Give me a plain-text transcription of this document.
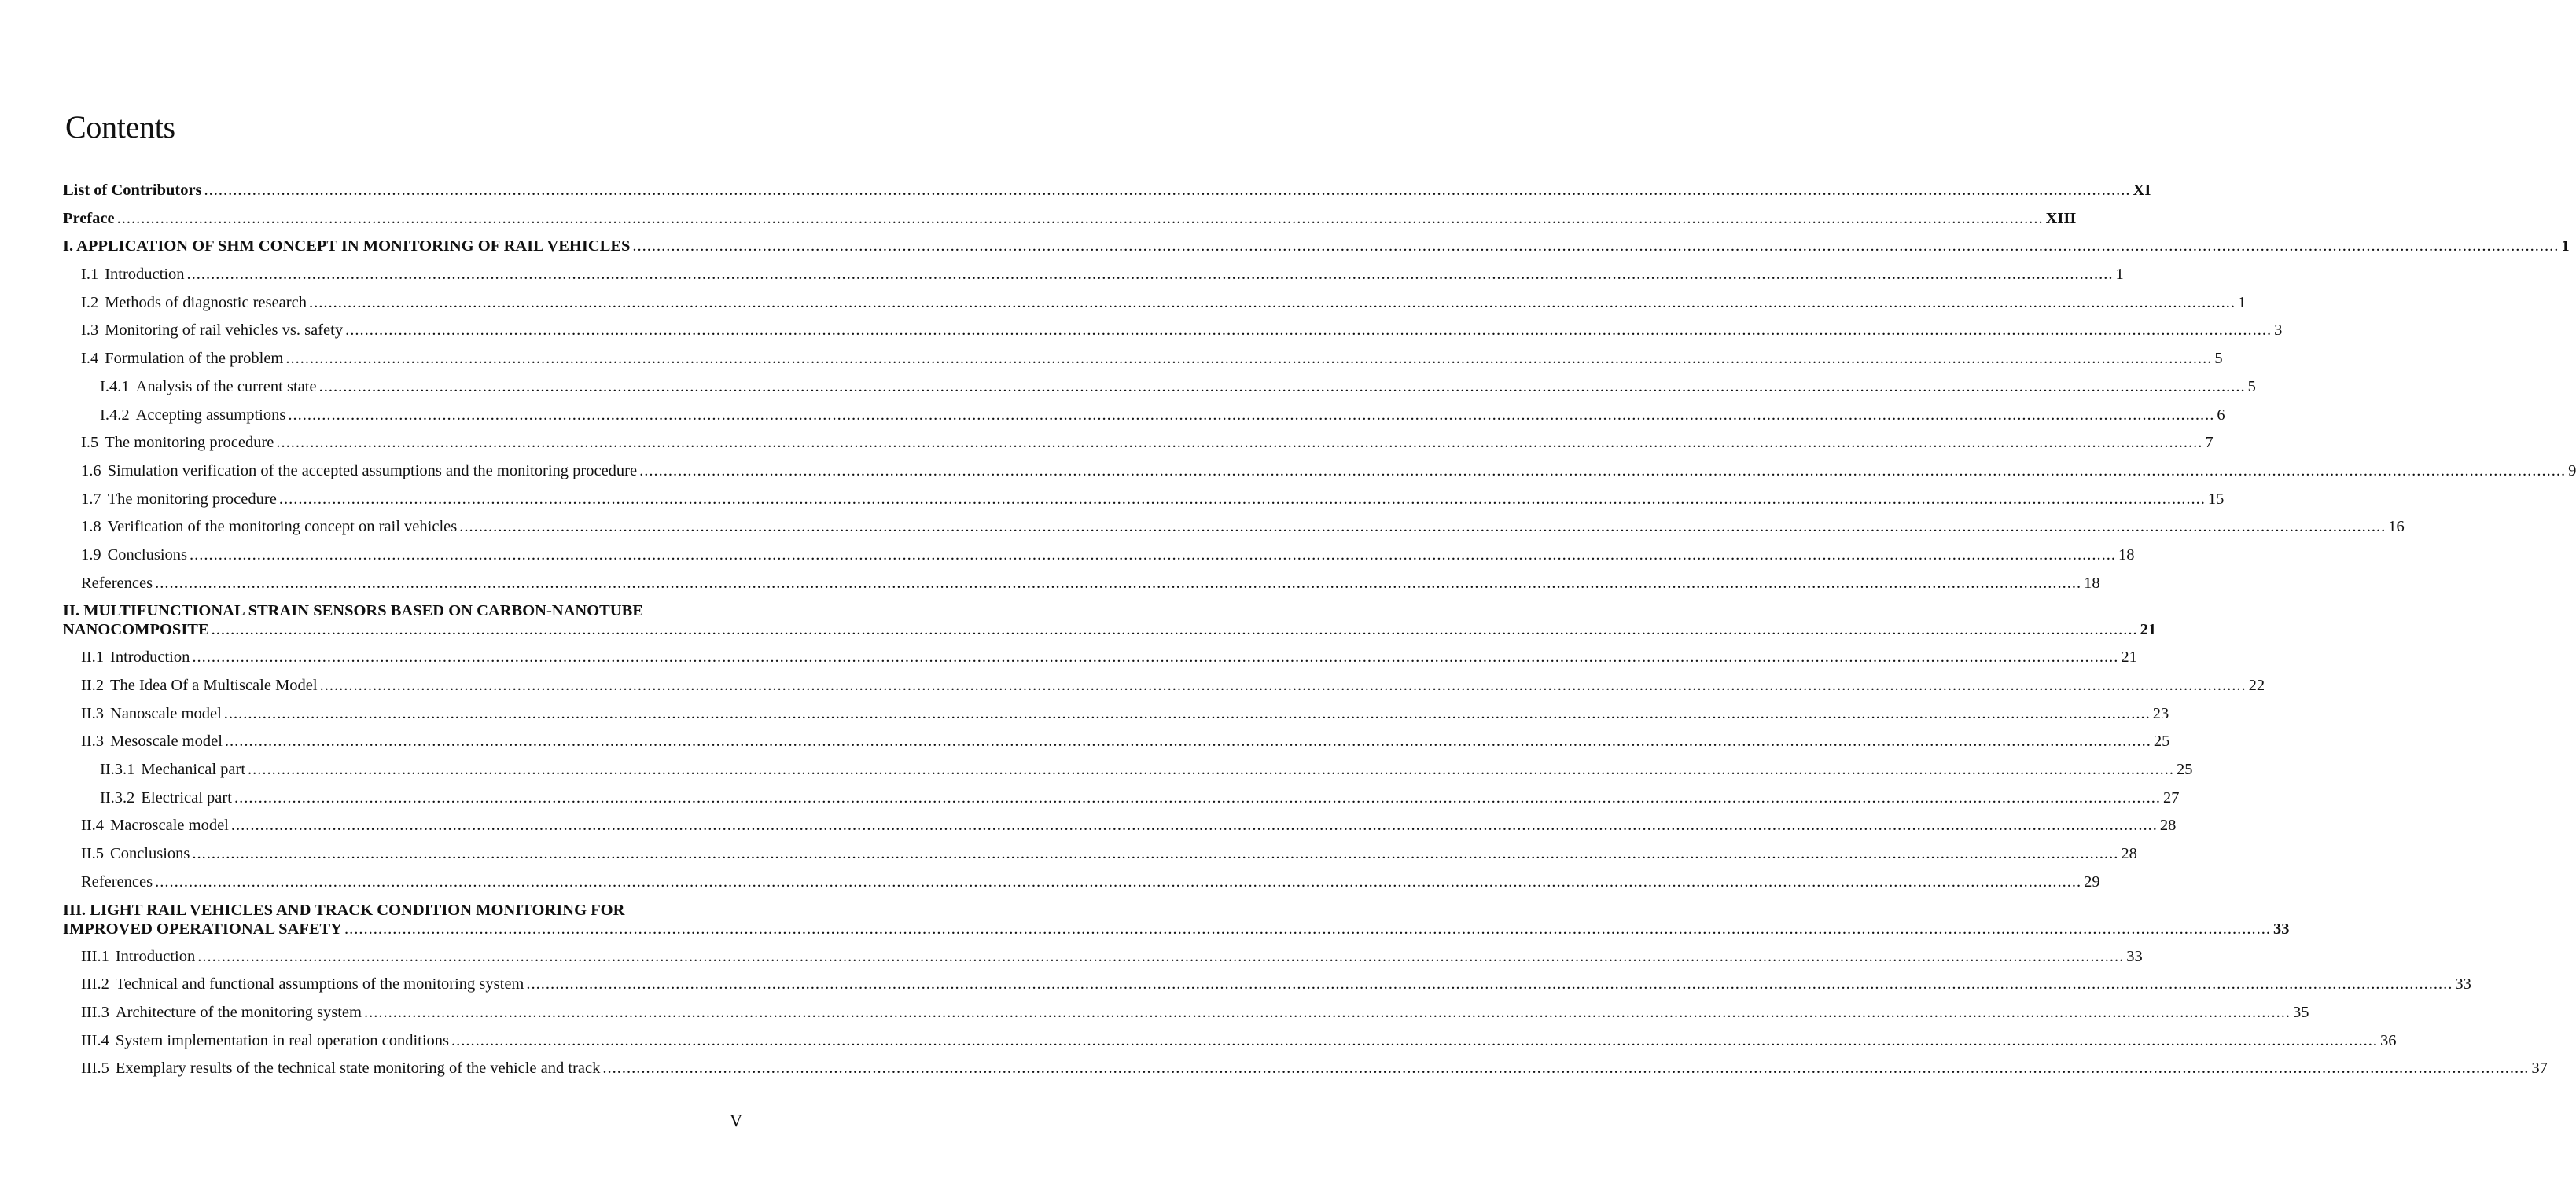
Contents
List of Contributors ................................................................................................................................................................................................................................................................................................................................................................................................................ XI
Preface ................................................................................................................................................................................................................................................................................................................................................................................................................ XIII
I. APPLICATION OF SHM CONCEPT IN MONITORING OF RAIL VEHICLES ................................................................................................................................................................................................................................................................................................................................................................................................................ 1
I.1 Introduction ................................................................................................................................................................................................................................................................................................................................................................................................................ 1
I.2 Methods of diagnostic research ................................................................................................................................................................................................................................................................................................................................................................................................................ 1
I.3 Monitoring of rail vehicles vs. safety ................................................................................................................................................................................................................................................................................................................................................................................................................ 3
I.4 Formulation of the problem ................................................................................................................................................................................................................................................................................................................................................................................................................ 5
I.4.1 Analysis of the current state ................................................................................................................................................................................................................................................................................................................................................................................................................ 5
I.4.2 Accepting assumptions ................................................................................................................................................................................................................................................................................................................................................................................................................ 6
I.5 The monitoring procedure ................................................................................................................................................................................................................................................................................................................................................................................................................ 7
1.6 Simulation verification of the accepted assumptions and the monitoring procedure ................................................................................................................................................................................................................................................................................................................................................................................................................ 9
1.7 The monitoring procedure ................................................................................................................................................................................................................................................................................................................................................................................................................ 15
1.8 Verification of the monitoring concept on rail vehicles ................................................................................................................................................................................................................................................................................................................................................................................................................ 16
1.9 Conclusions ................................................................................................................................................................................................................................................................................................................................................................................................................ 18
References ................................................................................................................................................................................................................................................................................................................................................................................................................ 18
II. MULTIFUNCTIONAL STRAIN SENSORS BASED ON CARBON-NANOTUBE
NANOCOMPOSITE ................................................................................................................................................................................................................................................................................................................................................................................................................ 21
II.1 Introduction ................................................................................................................................................................................................................................................................................................................................................................................................................ 21
II.2 The Idea Of a Multiscale Model ................................................................................................................................................................................................................................................................................................................................................................................................................ 22
II.3 Nanoscale model ................................................................................................................................................................................................................................................................................................................................................................................................................ 23
II.3 Mesoscale model ................................................................................................................................................................................................................................................................................................................................................................................................................ 25
II.3.1 Mechanical part ................................................................................................................................................................................................................................................................................................................................................................................................................ 25
II.3.2 Electrical part ................................................................................................................................................................................................................................................................................................................................................................................................................ 27
II.4 Macroscale model ................................................................................................................................................................................................................................................................................................................................................................................................................ 28
II.5 Conclusions ................................................................................................................................................................................................................................................................................................................................................................................................................ 28
References ................................................................................................................................................................................................................................................................................................................................................................................................................ 29
III. LIGHT RAIL VEHICLES AND TRACK CONDITION MONITORING FOR
IMPROVED OPERATIONAL SAFETY ................................................................................................................................................................................................................................................................................................................................................................................................................ 33
III.1 Introduction ................................................................................................................................................................................................................................................................................................................................................................................................................ 33
III.2 Technical and functional assumptions of the monitoring system ................................................................................................................................................................................................................................................................................................................................................................................................................ 33
III.3 Architecture of the monitoring system ................................................................................................................................................................................................................................................................................................................................................................................................................ 35
III.4 System implementation in real operation conditions ................................................................................................................................................................................................................................................................................................................................................................................................................ 36
III.5 Exemplary results of the technical state monitoring of the vehicle and track ................................................................................................................................................................................................................................................................................................................................................................................................................ 37
V
